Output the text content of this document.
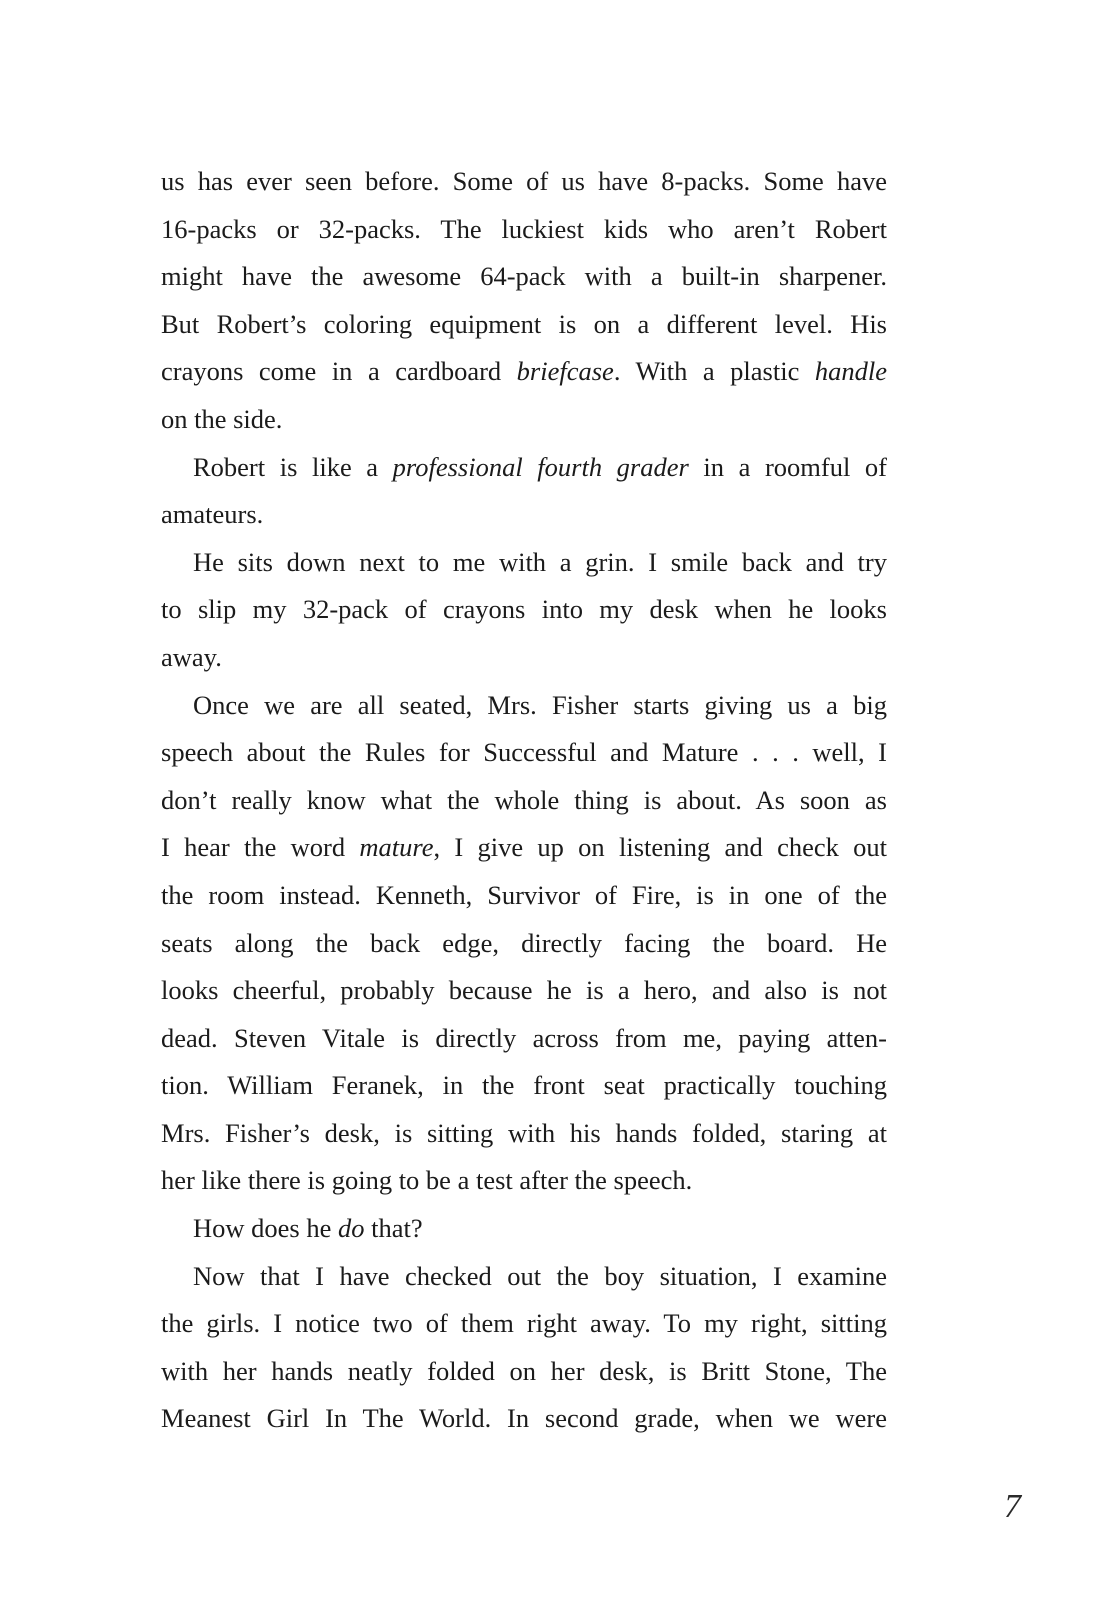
us has ever seen before. Some of us have 8-packs. Some have
16-packs or 32-packs. The luckiest kids who aren’t Robert
might have the awesome 64-pack with a built-in sharpener.
But Robert’s coloring equipment is on a different level. His
crayons come in a cardboard briefcase. With a plastic handle
on the side.
Robert is like a professional fourth grader in a roomful of
amateurs.
He sits down next to me with a grin. I smile back and try
to slip my 32-pack of crayons into my desk when he looks
away.
Once we are all seated, Mrs. Fisher starts giving us a big
speech about the Rules for Successful and Mature . . . well, I
don’t really know what the whole thing is about. As soon as
I hear the word mature, I give up on listening and check out
the room instead. Kenneth, Survivor of Fire, is in one of the
seats along the back edge, directly facing the board. He
looks cheerful, probably because he is a hero, and also is not
dead. Steven Vitale is directly across from me, paying atten-
tion. William Feranek, in the front seat practically touching
Mrs. Fisher’s desk, is sitting with his hands folded, staring at
her like there is going to be a test after the speech.
How does he do that?
Now that I have checked out the boy situation, I examine
the girls. I notice two of them right away. To my right, sitting
with her hands neatly folded on her desk, is Britt Stone, The
Meanest Girl In The World. In second grade, when we were
7
